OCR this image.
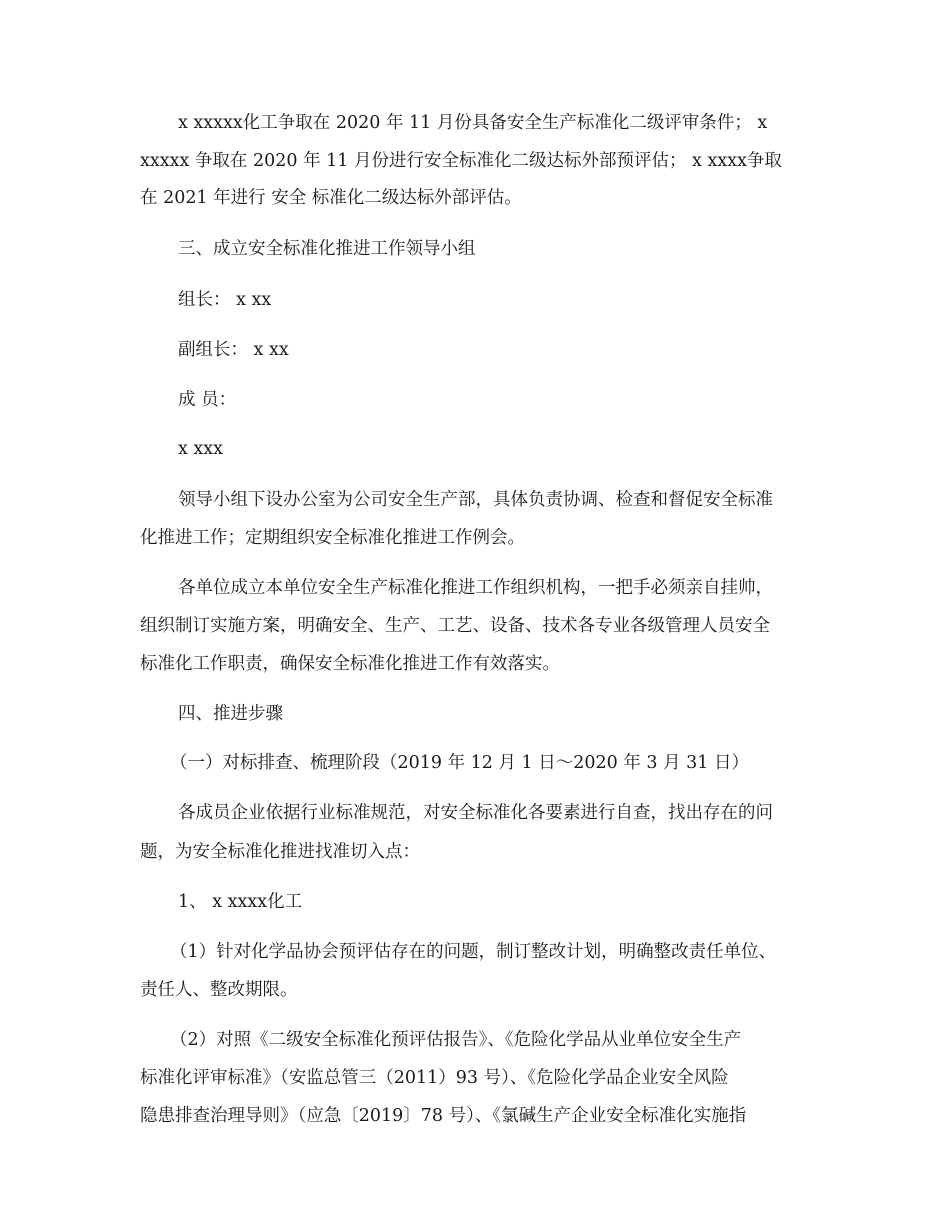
x xxxxx化工争取在 2020 年 11 月份具备安全生产标准化二级评审条件； x
xxxxx 争取在 2020 年 11 月份进行安全标准化二级达标外部预评估； x xxxx争取
在 2021 年进行 安全 标准化二级达标外部评估。
三、成立安全标准化推进工作领导小组
组长： x xx
副组长： x xx
成 员：
x xxx
领导小组下设办公室为公司安全生产部，具体负责协调、检查和督促安全标准
化推进工作；定期组织安全标准化推进工作例会。
各单位成立本单位安全生产标准化推进工作组织机构，一把手必须亲自挂帅，
组织制订实施方案，明确安全、生产、工艺、设备、技术各专业各级管理人员安全
标准化工作职责，确保安全标准化推进工作有效落实。
四、推进步骤
（一）对标排查、梳理阶段（2019 年 12 月 1 日～2020 年 3 月 31 日）
各成员企业依据行业标准规范，对安全标准化各要素进行自查，找出存在的问
题，为安全标准化推进找准切入点：
1、 x xxxx化工
（1）针对化学品协会预评估存在的问题，制订整改计划，明确整改责任单位、
责任人、整改期限。
（2）对照《二级安全标准化预评估报告》、《危险化学品从业单位安全生产
标准化评审标准》（安监总管三（2011）93 号）、《危险化学品企业安全风险
隐患排查治理导则》（应急〔2019〕78 号）、《氯碱生产企业安全标准化实施指
